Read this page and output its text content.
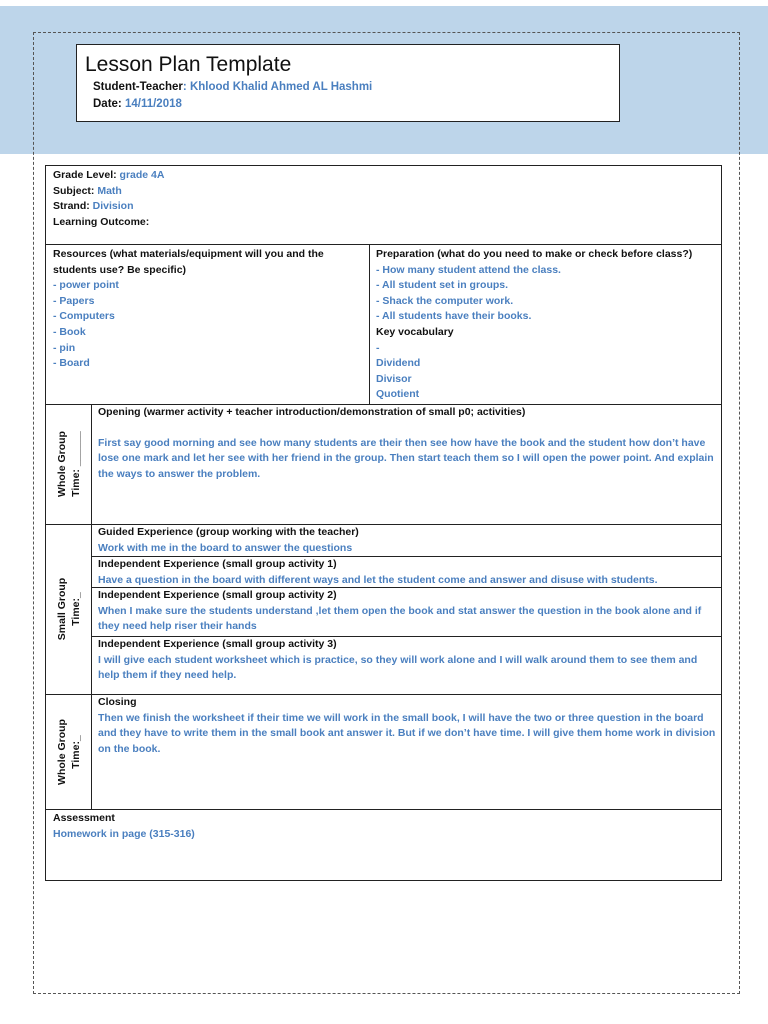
Lesson Plan Template
Student-Teacher: Khlood Khalid Ahmed AL Hashmi
Date: 14/11/2018
Grade Level: grade 4A
Subject: Math
Strand: Division
Learning Outcome:
Resources (what materials/equipment will you and the students use? Be specific)
- power point
- Papers
- Computers
- Book
- pin
- Board
Preparation (what do you need to make or check before class?)
- How many student attend the class.
- All student set in groups.
- Shack the computer work.
- All students have their books.
Key vocabulary
-
Dividend
Divisor
Quotient
Whole Group Time: ______
Opening (warmer activity + teacher introduction/demonstration of small p0; activities)
First say good morning and see how many students are their then see how have the book and the student how don’t have lose one mark and let her see with her friend in the group. Then start teach them so I will open the power point. And explain the ways to answer the problem.
Small Group Time:_
Guided Experience (group working with the teacher)
Work with me in the board to answer the questions
Independent Experience (small group activity 1)
Have a question in the board with different ways and let the student come and answer and disuse with students.
Independent Experience (small group activity 2)
When I make sure the students understand ,let them open the book and stat answer the question in the book alone and if they need help riser their hands
Independent Experience (small group activity 3)
I will give each student worksheet which is practice, so they will work alone and I will walk around them to see them and help them if they need help.
Whole Group Time:_
Closing
Then we finish the worksheet if their time we will work in the small book, I will have the two or three question in the board and they have to write them in the small book ant answer it. But if we don’t have time. I will give them home work in division on the book.
Assessment
Homework in page (315-316)
